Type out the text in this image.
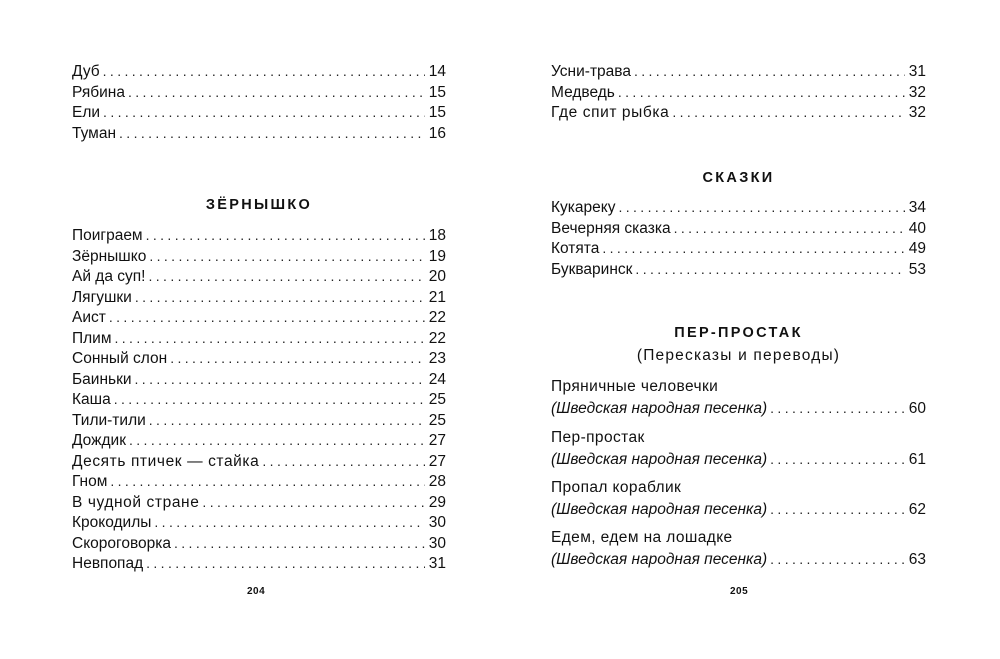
Дуб . . .	14
Рябина . . .	15
Ели . . .	15
Туман . . .	16
ЗЁРНЫШКО
Поиграем . . .	18
Зёрнышко . . .	19
Ай да суп! . . .	20
Лягушки . . .	21
Аист . . .	22
Плим . . .	22
Сонный слон . . .	23
Баиньки . . .	24
Каша . . .	25
Тили-тили . . .	25
Дождик . . .	27
Десять птичек — стайка . . .	27
Гном . . .	28
В чудной стране . . .	29
Крокодилы . . .	30
Скороговорка . . .	30
Невпопад . . .	31
204
Усни-трава . . .	31
Медведь . . .	32
Где спит рыбка . . .	32
СКАЗКИ
Кукареку . . .	34
Вечерняя сказка . . .	40
Котята . . .	49
Букваринск . . .	53
ПЕР-ПРОСТАК
(Пересказы и переводы)
Пряничные человечки
(Шведская народная песенка) . . .	60
Пер-простак
(Шведская народная песенка) . . .	61
Пропал кораблик
(Шведская народная песенка) . . .	62
Едем, едем на лошадке
(Шведская народная песенка) . . .	63
205
